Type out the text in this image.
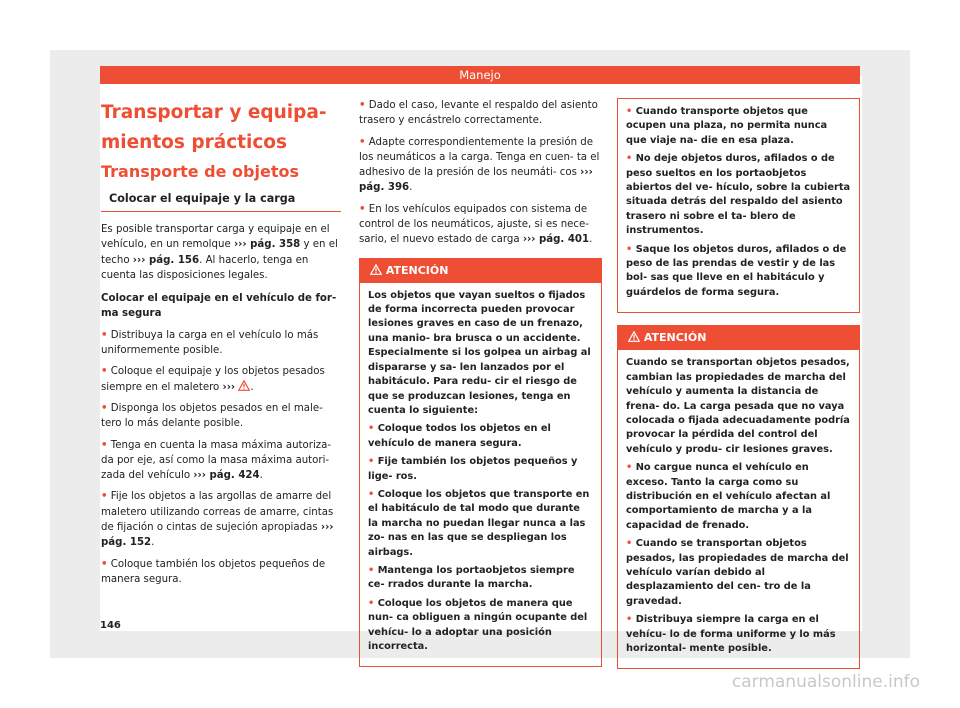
Manejo
Transportar y equipa- mientos prácticos
Transporte de objetos
Colocar el equipaje y la carga

Es posible transportar carga y equipaje en el vehículo, en un remolque ››› pág. 358 y en el techo ››› pág. 156. Al hacerlo, tenga en cuenta las disposiciones legales.

Colocar el equipaje en el vehículo de for- ma segura

• Distribuya la carga en el vehículo lo más uniformemente posible.

• Coloque el equipaje y los objetos pesados siempre en el maletero ››› .

• Disponga los objetos pesados en el male- tero lo más delante posible.

• Tenga en cuenta la masa máxima autoriza- da por eje, así como la masa máxima autori- zada del vehículo ››› pág. 424.

• Fije los objetos a las argollas de amarre del maletero utilizando correas de amarre, cintas de fijación o cintas de sujeción apropiadas ››› pág. 152.

• Coloque también los objetos pequeños de manera segura.

• Dado el caso, levante el respaldo del asiento trasero y encástrelo correctamente.

• Adapte correspondientemente la presión de los neumáticos a la carga. Tenga en cuen- ta el adhesivo de la presión de los neumáti- cos ››› pág. 396.

• En los vehículos equipados con sistema de control de los neumáticos, ajuste, si es nece- sario, el nuevo estado de carga ››› pág. 401.

ATENCIÓN

Los objetos que vayan sueltos o fijados de forma incorrecta pueden provocar lesiones graves en caso de un frenazo, una manio- bra brusca o un accidente. Especialmente si los golpea un airbag al dispararse y sa- len lanzados por el habitáculo. Para redu- cir el riesgo de que se produzcan lesiones, tenga en cuenta lo siguiente:

• Coloque todos los objetos en el vehículo de manera segura.

• Fije también los objetos pequeños y lige- ros.

• Coloque los objetos que transporte en el habitáculo de tal modo que durante la marcha no puedan llegar nunca a las zo- nas en las que se despliegan los airbags.

• Mantenga los portaobjetos siempre ce- rrados durante la marcha.

• Coloque los objetos de manera que nun- ca obliguen a ningún ocupante del vehícu- lo a adoptar una posición incorrecta.

• Cuando transporte objetos que ocupen una plaza, no permita nunca que viaje na- die en esa plaza.

• No deje objetos duros, afilados o de peso sueltos en los portaobjetos abiertos del ve- hículo, sobre la cubierta situada detrás del respaldo del asiento trasero ni sobre el ta- blero de instrumentos.

• Saque los objetos duros, afilados o de peso de las prendas de vestir y de las bol- sas que lleve en el habitáculo y guárdelos de forma segura.

ATENCIÓN

Cuando se transportan objetos pesados, cambian las propiedades de marcha del vehículo y aumenta la distancia de frena- do. La carga pesada que no vaya colocada o fijada adecuadamente podría provocar la pérdida del control del vehículo y produ- cir lesiones graves.

• No cargue nunca el vehículo en exceso. Tanto la carga como su distribución en el vehículo afectan al comportamiento de marcha y a la capacidad de frenado.

• Cuando se transportan objetos pesados, las propiedades de marcha del vehículo varían debido al desplazamiento del cen- tro de la gravedad.

• Distribuya siempre la carga en el vehícu- lo de forma uniforme y lo más horizontal- mente posible.

146
carmanualsonline.info
